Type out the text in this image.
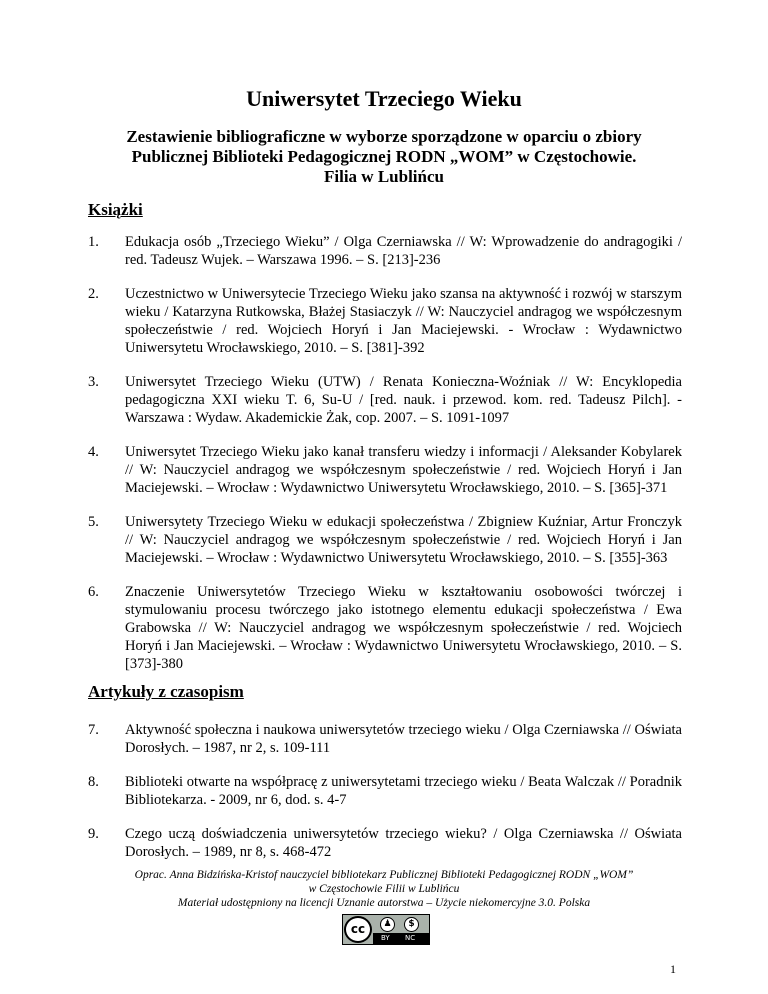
Uniwersytet Trzeciego Wieku
Zestawienie bibliograficzne w wyborze sporządzone w oparciu o zbiory
Publicznej Biblioteki Pedagogicznej RODN „WOM” w Częstochowie.
Filia w Lublińcu
Książki
1.	Edukacja osób „Trzeciego Wieku” / Olga Czerniawska // W: Wprowadzenie do andragogiki / red. Tadeusz Wujek. – Warszawa 1996. – S. [213]-236
2.	Uczestnictwo w Uniwersytecie Trzeciego Wieku jako szansa na aktywność i rozwój w starszym wieku / Katarzyna Rutkowska, Błażej Stasiaczyk // W: Nauczyciel andragog we współczesnym społeczeństwie / red. Wojciech Horyń i Jan Maciejewski. - Wrocław : Wydawnictwo Uniwersytetu Wrocławskiego, 2010. – S. [381]-392
3.	Uniwersytet Trzeciego Wieku (UTW) / Renata Konieczna-Woźniak // W: Encyklopedia pedagogiczna XXI wieku T. 6, Su-U / [red. nauk. i przewod. kom. red. Tadeusz Pilch]. - Warszawa : Wydaw. Akademickie Żak, cop. 2007. – S. 1091-1097
4.	Uniwersytet Trzeciego Wieku jako kanał transferu wiedzy i informacji / Aleksander Kobylarek // W: Nauczyciel andragog we współczesnym społeczeństwie / red. Wojciech Horyń i Jan Maciejewski. – Wrocław : Wydawnictwo Uniwersytetu Wrocławskiego, 2010. – S. [365]-371
5.	Uniwersytety Trzeciego Wieku w edukacji społeczeństwa / Zbigniew Kuźniar, Artur Fronczyk // W: Nauczyciel andragog we współczesnym społeczeństwie / red. Wojciech Horyń i Jan Maciejewski. – Wrocław : Wydawnictwo Uniwersytetu Wrocławskiego, 2010. – S. [355]-363
6.	Znaczenie Uniwersytetów Trzeciego Wieku w kształtowaniu osobowości twórczej i stymulowaniu procesu twórczego jako istotnego elementu edukacji społeczeństwa / Ewa Grabowska // W: Nauczyciel andragog we współczesnym społeczeństwie / red. Wojciech Horyń i Jan Maciejewski. – Wrocław : Wydawnictwo Uniwersytetu Wrocławskiego, 2010. – S. [373]-380
Artykuły z czasopism
7.	Aktywność społeczna i naukowa uniwersytetów trzeciego wieku / Olga Czerniawska // Oświata Dorosłych. – 1987, nr 2, s. 109-111
8.	Biblioteki otwarte na współpracę z uniwersytetami trzeciego wieku / Beata Walczak // Poradnik Bibliotekarza. - 2009, nr 6, dod. s. 4-7
9.	Czego uczą doświadczenia uniwersytetów trzeciego wieku? / Olga Czerniawska // Oświata Dorosłych. – 1989, nr 8, s. 468-472
Oprac. Anna Bidzińska-Kristof nauczyciel bibliotekarz Publicznej Biblioteki Pedagogicznej RODN „WOM”
w Częstochowie Filii w Lublińcu
Materiał udostępniony na licencji Uznanie autorstwa – Użycie niekomercyjne 3.0. Polska
cc	♟	$
BY NC
1
